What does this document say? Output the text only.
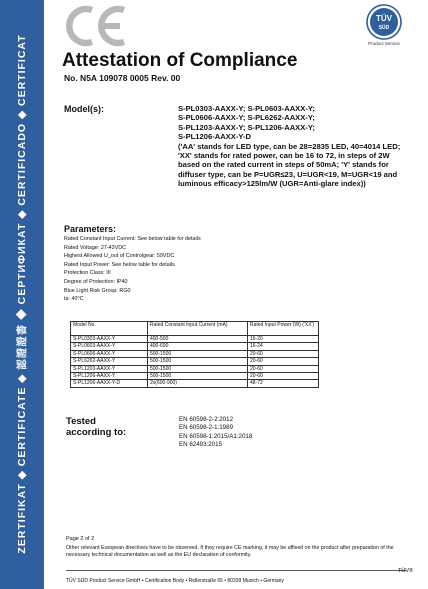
ZERTIFIKAT ◆ CERTIFICATE ◆ 認證證書 ◆ СЕРТИФИКАТ ◆ CERTIFICADO ◆ CERTIFICAT
TÜV
SÜD
Product Service
Attestation of Compliance
No. N5A 109078 0005 Rev. 00
Model(s):	S-PL0303-AAXX-Y; S-PL0603-AAXX-Y;
S-PL0606-AAXX-Y; S-PL6262-AAXX-Y;
S-PL1203-AAXX-Y; S-PL1206-AAXX-Y;
S-PL1206-AAXX-Y-D
('AA' stands for LED type, can be 28=2835 LED, 40=4014 LED; 'XX' stands for rated power, can be 16 to 72, in steps of 2W based on the rated current in steps of 50mA; 'Y' stands for diffuser type, can be P=UGR≤23, U=UGR<19, M=UGR<19 and luminous efficacy>125lm/W (UGR=Anti-glare index))
Parameters:
Rated Constant Input Current: See below table for details
Rated Voltage: 27-42VDC
Highest Allowed U_out of Controlgear: 59VDC
Rated Input Power: See below table for details
Protection Class: III
Degree of Protection: IP40
Blue Light Risk Group: RG0
ta: 40°C
Model No.	Rated Constant Input Current (mA)	Rated Input Power (W) ('XX')
S-PL0303-AAXX-Y	400-500	16-20
S-PL0603-AAXX-Y	400-600	16-24
S-PL0606-AAXX-Y	500-1500	20-60
S-PL6262-AAXX-Y	500-1500	20-60
S-PL1203-AAXX-Y	500-1500	20-60
S-PL1206-AAXX-Y	500-1500	20-60
S-PL1206-AAXX-Y-D	2x(600-900)	48-72
Tested
according to:
EN 60598-2-2:2012
EN 60598-2-1:1989
EN 60598-1:2015/A1:2018
EN 62493:2015
Page 2 of 2
Other relevant European directives have to be observed. If they require CE marking, it may be affixed on the product after preparation of the necessary technical documentation as well as the EU declaration of conformity.
TÜV SÜD Product Service GmbH • Certification Body • Ridlerstraße 65 • 80339 Munich • Germany
TÜV®
